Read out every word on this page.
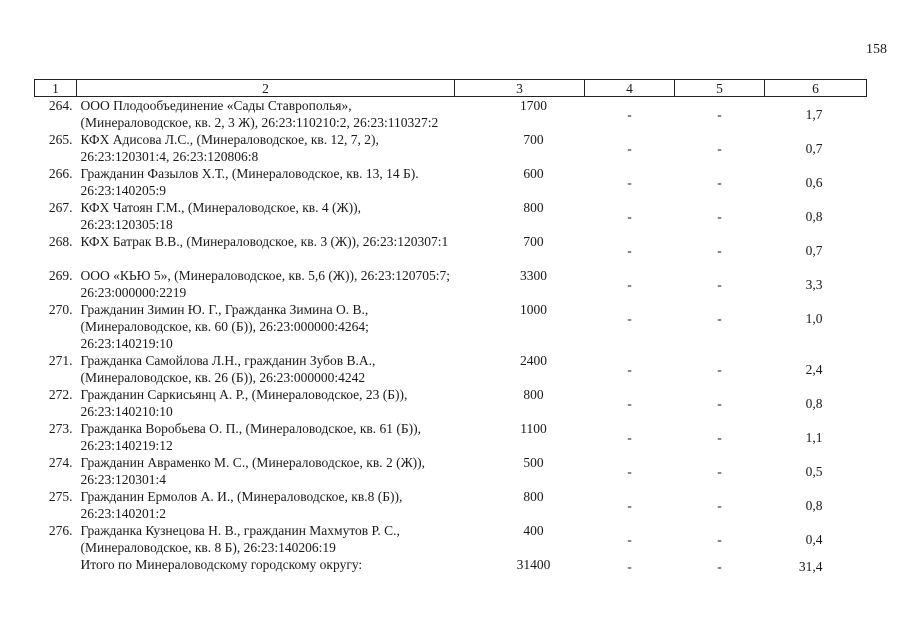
158
1	2	3	4	5	6
264.	ООО Плодообъединение «Сады Ставрополья», (Минераловодское, кв. 2, 3 Ж), 26:23:110210:2, 26:23:110327:2	1700	-	-	1,7
265.	КФХ Адисова Л.С., (Минераловодское, кв. 12, 7, 2), 26:23:120301:4, 26:23:120806:8	700	-	-	0,7
266.	Гражданин Фазылов Х.Т., (Минераловодское, кв. 13, 14 Б). 26:23:140205:9	600	-	-	0,6
267.	КФХ Чатоян Г.М., (Минераловодское, кв. 4 (Ж)), 26:23:120305:18	800	-	-	0,8
268.	КФХ Батрак В.В., (Минераловодское, кв. 3 (Ж)), 26:23:120307:1	700	-	-	0,7
269.	ООО «КЬЮ 5», (Минераловодское, кв. 5,6 (Ж)), 26:23:120705:7; 26:23:000000:2219	3300	-	-	3,3
270.	Гражданин Зимин Ю. Г., Гражданка Зимина О. В., (Минераловодское, кв. 60 (Б)), 26:23:000000:4264; 26:23:140219:10	1000	-	-	1,0
271.	Гражданка Самойлова Л.Н., гражданин Зубов В.А., (Минераловодское, кв. 26 (Б)), 26:23:000000:4242	2400	-	-	2,4
272.	Гражданин Саркисьянц А. Р., (Минераловодское, 23 (Б)), 26:23:140210:10	800	-	-	0,8
273.	Гражданка Воробьева О. П., (Минераловодское, кв. 61 (Б)), 26:23:140219:12	1100	-	-	1,1
274.	Гражданин Авраменко М. С., (Минераловодское, кв. 2 (Ж)), 26:23:120301:4	500	-	-	0,5
275.	Гражданин Ермолов А. И., (Минераловодское, кв.8 (Б)), 26:23:140201:2	800	-	-	0,8
276.	Гражданка Кузнецова Н. В., гражданин Махмутов Р. С., (Минераловодское, кв. 8 Б), 26:23:140206:19	400	-	-	0,4
	Итого по Минераловодскому городскому округу:	31400	-	-	31,4
